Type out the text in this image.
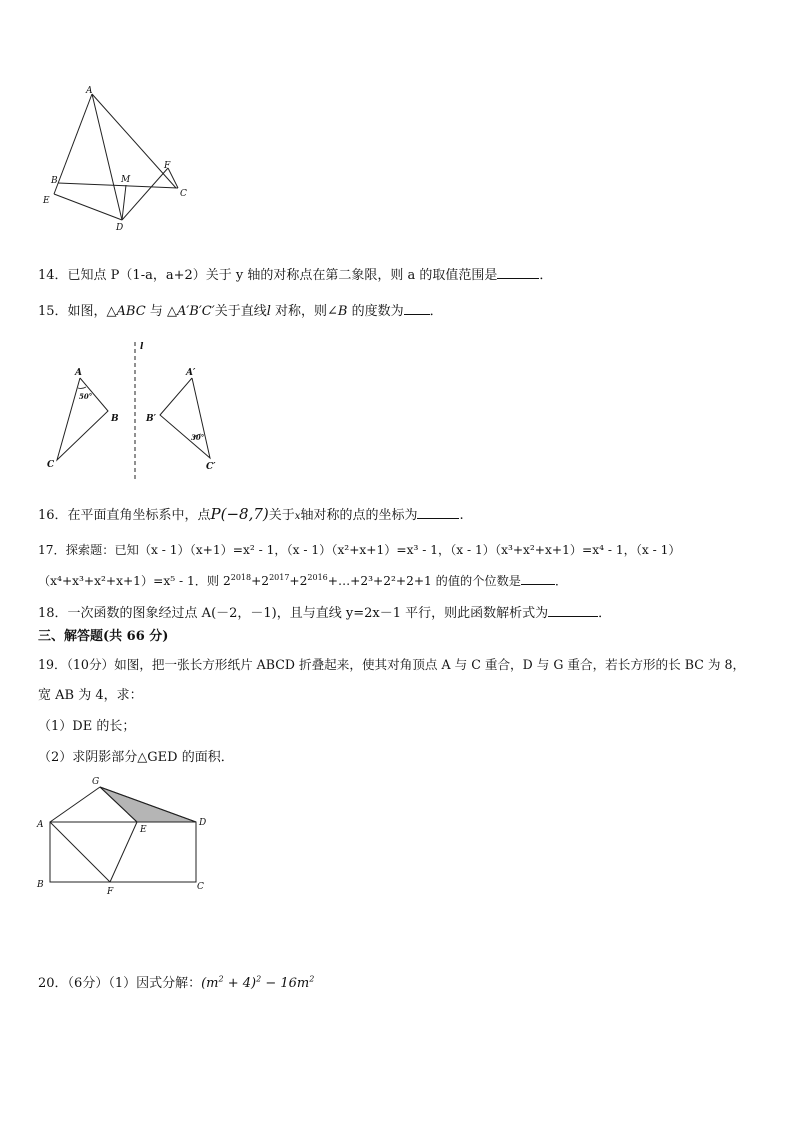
A
B
E
M
F
C
D
14．已知点 P（1-a，a+2）关于 y 轴的对称点在第二象限，则 a 的取值范围是	．
15．如图，△ABC 与 △A′B′C′关于直线l 对称，则∠B 的度数为 ．
l
A
B
C
A′
B′
C′
50°
30°
16．在平面直角坐标系中，点P(−8,7)关于x轴对称的点的坐标为	.
17．探索题：已知（x - 1）（x+1）=x² - 1，（x - 1）（x²+x+1）=x³ - 1，（x - 1）（x³+x²+x+1）=x⁴ - 1，（x - 1）
（x⁴+x³+x²+x+1）=x⁵ - 1．则 $2^{2018}+2^{2017}+2^{2016}+\dots+2^3+2^2+2+1$ 的值的个位数是	．
18．一次函数的图象经过点 A(－2，－1)，且与直线 y=2x－1 平行，则此函数解析式为	．
三、解答题(共 66 分)
19．（10分）如图，把一张长方形纸片 ABCD 折叠起来，使其对角顶点 A 与 C 重合，D 与 G 重合，若长方形的长 BC 为 8，
宽 AB 为 4，求：
（1）DE 的长；
（2）求阴影部分△GED 的面积．
G
A	E
D
B
F	C
20．（6分）（1）因式分解：$(m^2 + 4)^2 - 16m^2$
